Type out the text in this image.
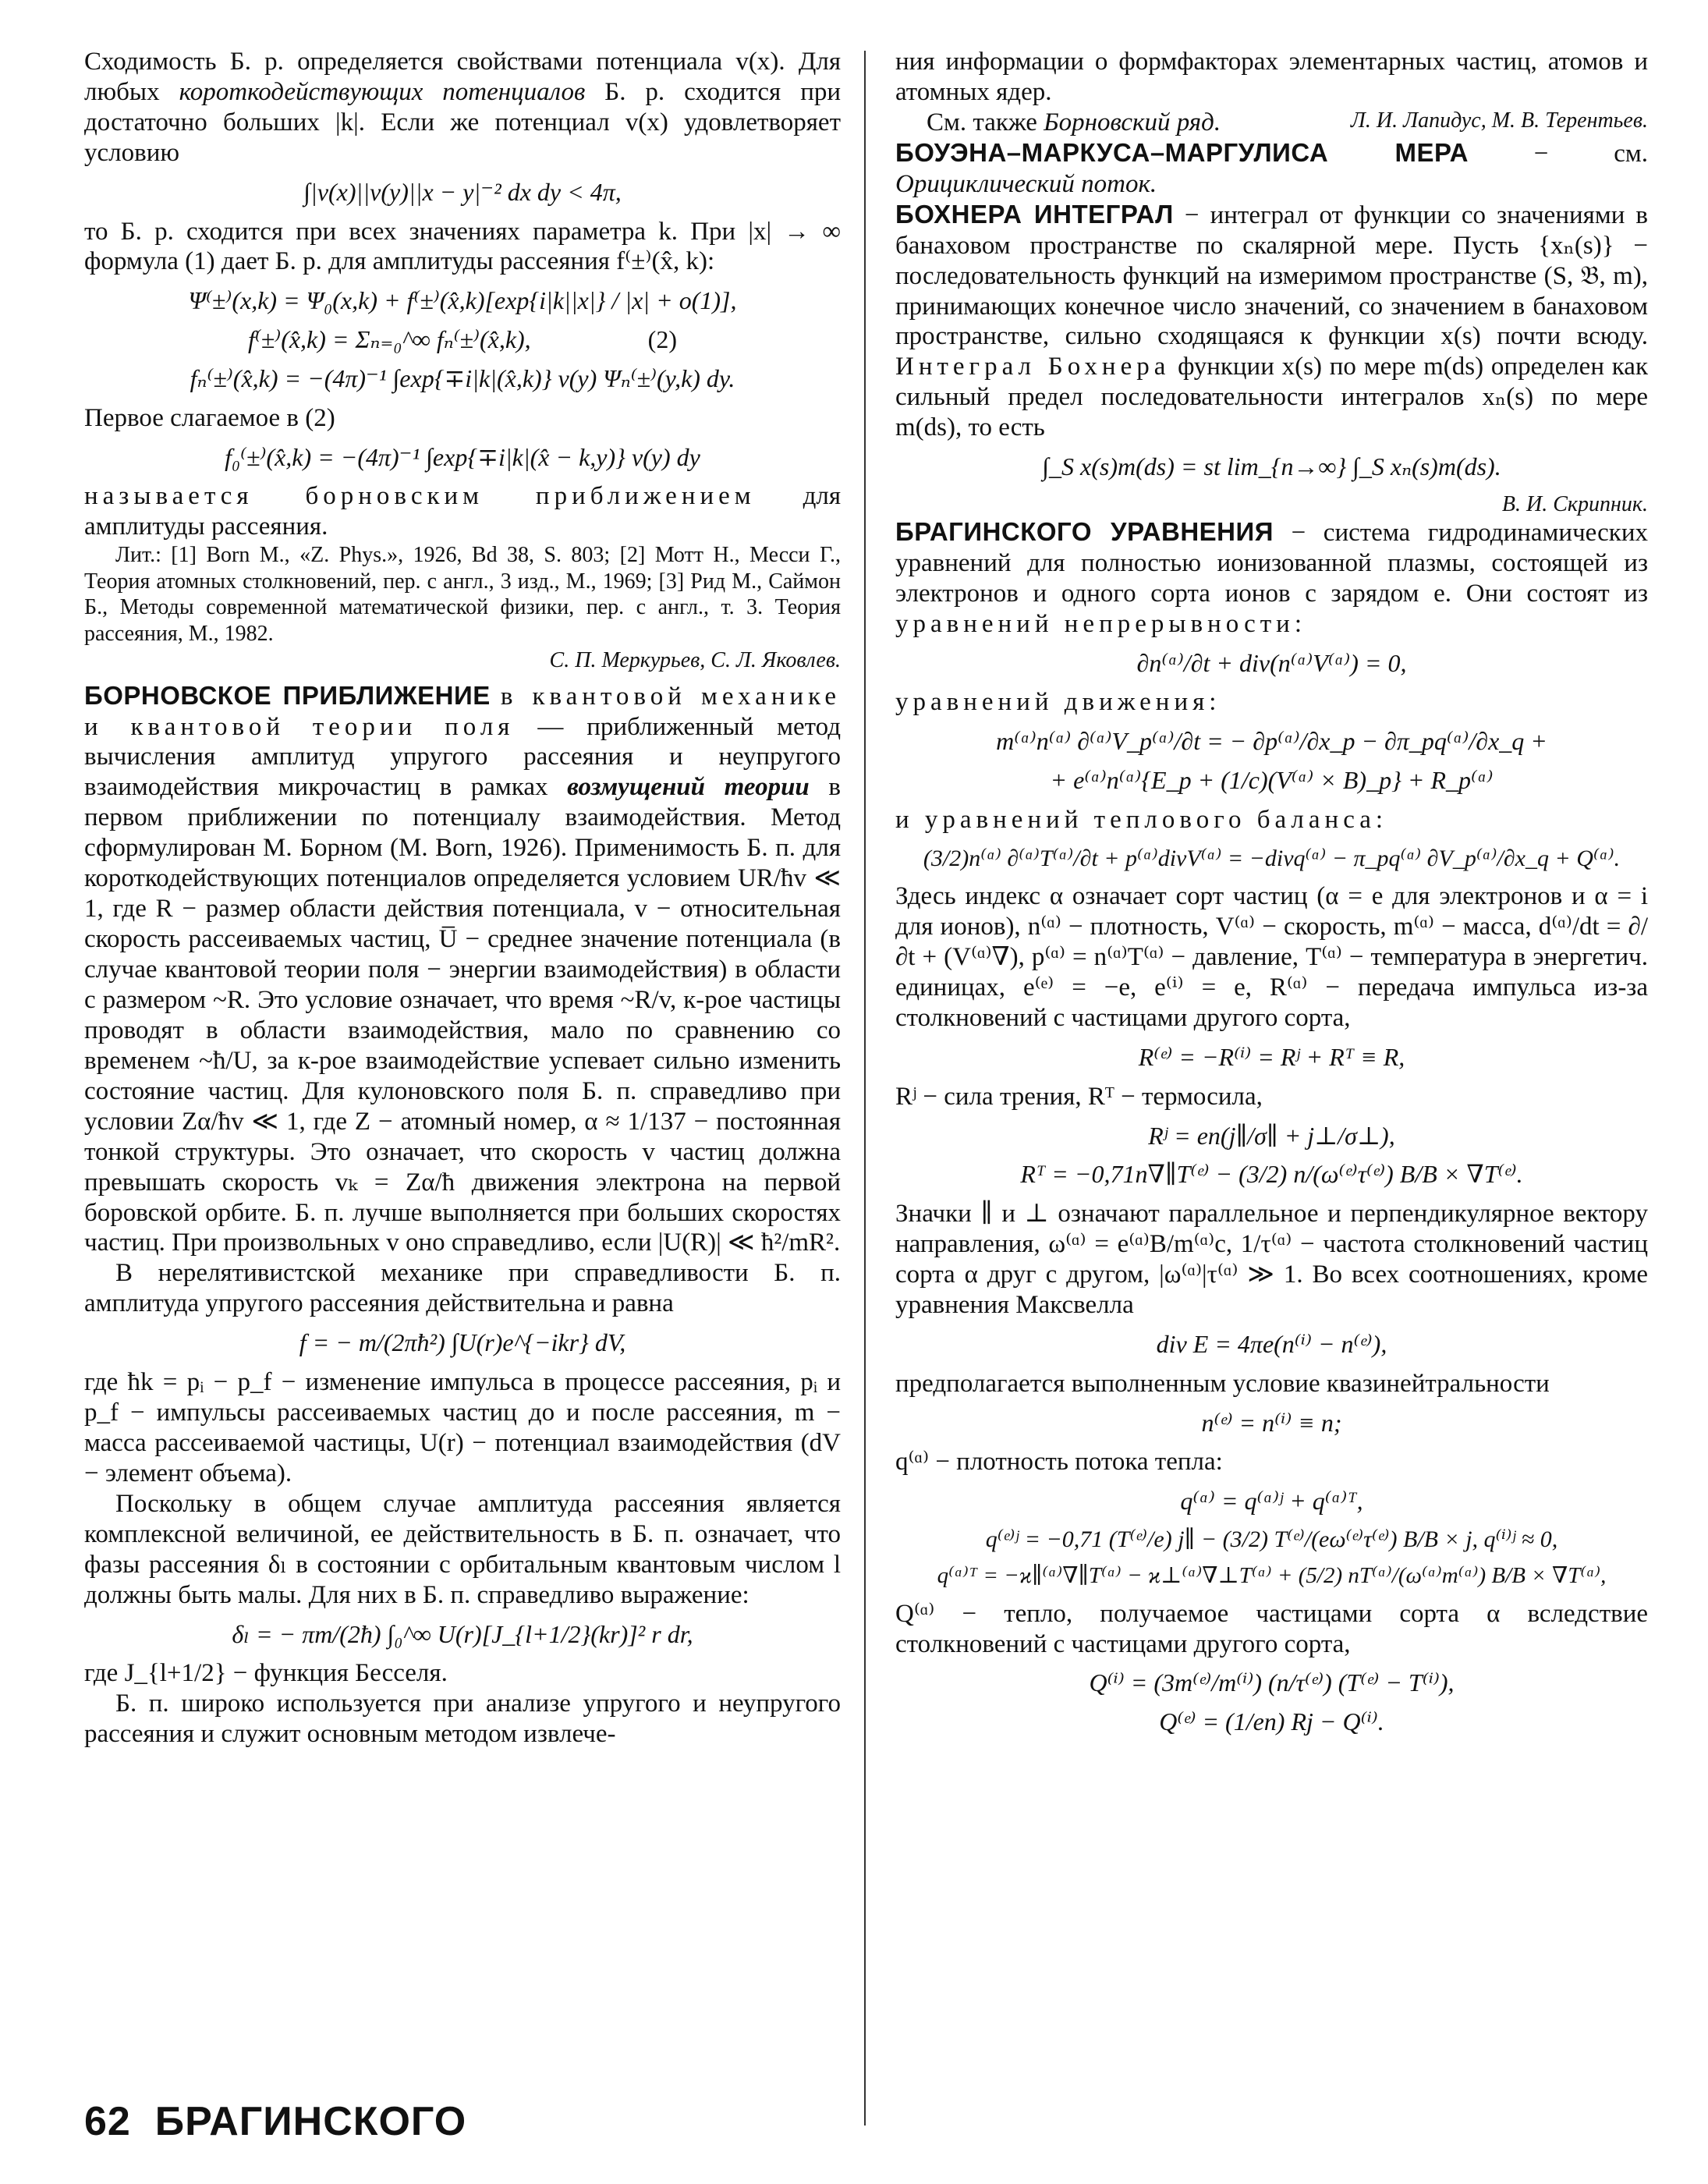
Сходимость Б. р. определяется свойствами потенциала v(x). Для любых короткодействующих потенциалов Б. р. сходится при достаточно больших |k|. Если же потенциал v(x) удовлетворяет условию

∫|v(x)||v(y)||x − y|⁻² dx dy < 4π,

то Б. р. сходится при всех значениях параметра k. При |x| → ∞ формула (1) дает Б. р. для амплитуды рассеяния f⁽±⁾(x̂, k):

Ψ⁽±⁾(x,k) = Ψ₀(x,k) + f⁽±⁾(x̂,k)[exp{i|k||x|} / |x| + o(1)],
f⁽±⁾(x̂,k) = Σₙ₌₀^∞ fₙ⁽±⁾(x̂,k),	(2)
fₙ⁽±⁾(x̂,k) = −(4π)⁻¹ ∫exp{∓i|k|(x̂,k)} v(y) Ψₙ⁽±⁾(y,k) dy.

Первое слагаемое в (2)

f₀⁽±⁾(x̂,k) = −(4π)⁻¹ ∫exp{∓i|k|(x̂ − k,y)} v(y) dy

называется борновским приближением для амплитуды рассеяния.

Лит.: [1] Born M., «Z. Phys.», 1926, Bd 38, S. 803; [2] Мотт Н., Месси Г., Теория атомных столкновений, пер. с англ., 3 изд., М., 1969; [3] Рид М., Саймон Б., Методы современной математической физики, пер. с англ., т. 3. Теория рассеяния, М., 1982.

С. П. Меркурьев, С. Л. Яковлев.

БОРНОВСКОЕ ПРИБЛИЖЕНИЕ в квантовой механике и квантовой теории поля — приближенный метод вычисления амплитуд упругого рассеяния и неупругого взаимодействия микрочастиц в рамках возмущений теории в первом приближении по потенциалу взаимодействия. Метод сформулирован М. Борном (M. Born, 1926). Применимость Б. п. для короткодействующих потенциалов определяется условием UR/ħv ≪ 1, где R − размер области действия потенциала, v − относительная скорость рассеиваемых частиц, U̅ − среднее значение потенциала (в случае квантовой теории поля − энергии взаимодействия) в области с размером ~R. Это условие означает, что время ~R/v, к-рое частицы проводят в области взаимодействия, мало по сравнению со временем ~ħ/U, за к-рое взаимодействие успевает сильно изменить состояние частиц. Для кулоновского поля Б. п. справедливо при условии Zα/ħv ≪ 1, где Z − атомный номер, α ≈ 1/137 − постоянная тонкой структуры. Это означает, что скорость v частиц должна превышать скорость vₖ = Zα/ħ движения электрона на первой боровской орбите. Б. п. лучше выполняется при больших скоростях частиц. При произвольных v оно справедливо, если |U(R)| ≪ ħ²/mR².

В нерелятивистской механике при справедливости Б. п. амплитуда упругого рассеяния действительна и равна

f = − m/(2πħ²) ∫U(r)e^{−ikr} dV,

где ħk = pᵢ − p_f − изменение импульса в процессе рассеяния, pᵢ и p_f − импульсы рассеиваемых частиц до и после рассеяния, m − масса рассеиваемой частицы, U(r) − потенциал взаимодействия (dV − элемент объема).

Поскольку в общем случае амплитуда рассеяния является комплексной величиной, ее действительность в Б. п. означает, что фазы рассеяния δₗ в состоянии с орбитальным квантовым числом l должны быть малы. Для них в Б. п. справедливо выражение:

δₗ = − πm/(2ħ) ∫₀^∞ U(r)[J_{l+1/2}(kr)]² r dr,

где J_{l+1/2} − функция Бесселя.

Б. п. широко используется при анализе упругого и неупругого рассеяния и служит основным методом извлече-

ния информации о формфакторах элементарных частиц, атомов и атомных ядер.

См. также Борновский ряд.	Л. И. Лапидус, М. В. Терентьев.

БОУЭНА–МАРКУСА–МАРГУЛИСА МЕРА	− см. Орициклический поток.

БОХНЕРА ИНТЕГРАЛ − интеграл от функции со значениями в банаховом пространстве по скалярной мере. Пусть {xₙ(s)} − последовательность функций на измеримом пространстве (S, 𝔅, m), принимающих конечное число значений, со значением в банаховом пространстве, сильно сходящаяся к функции x(s) почти всюду. Интеграл Бохнера функции x(s) по мере m(ds) определен как сильный предел последовательности интегралов xₙ(s) по мере m(ds), то есть

∫_S x(s)m(ds) = st lim_{n→∞} ∫_S xₙ(s)m(ds).

В. И. Скрипник.

БРАГИНСКОГО УРАВНЕНИЯ − система гидродинамических уравнений для полностью ионизованной плазмы, состоящей из электронов и одного сорта ионов с зарядом e. Они состоят из уравнений непрерывности:

∂n⁽ᵅ⁾/∂t + div(n⁽ᵅ⁾V⁽ᵅ⁾) = 0,

уравнений движения:

m⁽ᵅ⁾n⁽ᵅ⁾ ∂⁽ᵅ⁾V_p⁽ᵅ⁾/∂t = − ∂p⁽ᵅ⁾/∂x_p − ∂π_pq⁽ᵅ⁾/∂x_q +
+ e⁽ᵅ⁾n⁽ᵅ⁾{E_p + (1/c)(V⁽ᵅ⁾ × B)_p} + R_p⁽ᵅ⁾

и уравнений теплового баланса:

(3/2)n⁽ᵅ⁾ ∂⁽ᵅ⁾T⁽ᵅ⁾/∂t + p⁽ᵅ⁾divV⁽ᵅ⁾ = −divq⁽ᵅ⁾ − π_pq⁽ᵅ⁾ ∂V_p⁽ᵅ⁾/∂x_q + Q⁽ᵅ⁾.

Здесь индекс α означает сорт частиц (α = e для электронов и α = i для ионов), n⁽ᵅ⁾ − плотность, V⁽ᵅ⁾ − скорость, m⁽ᵅ⁾ − масса, d⁽ᵅ⁾/dt = ∂/∂t + (V⁽ᵅ⁾∇), p⁽ᵅ⁾ = n⁽ᵅ⁾T⁽ᵅ⁾ − давление, T⁽ᵅ⁾ − температура в энергетич. единицах, e⁽ᵉ⁾ = −e, e⁽ⁱ⁾ = e, R⁽ᵅ⁾ − передача импульса из-за столкновений с частицами другого сорта,

R⁽ᵉ⁾ = −R⁽ⁱ⁾ = Rʲ + Rᵀ ≡ R,

Rʲ − сила трения, Rᵀ − термосила,

Rʲ = en(j∥/σ∥ + j⊥/σ⊥),
Rᵀ = −0,71n∇∥T⁽ᵉ⁾ − (3/2) n/(ω⁽ᵉ⁾τ⁽ᵉ⁾) B/B × ∇T⁽ᵉ⁾.

Значки ∥ и ⊥ означают параллельное и перпендикулярное вектору направления, ω⁽ᵅ⁾ = e⁽ᵅ⁾B/m⁽ᵅ⁾c, 1/τ⁽ᵅ⁾ − частота столкновений частиц сорта α друг с другом, |ω⁽ᵅ⁾|τ⁽ᵅ⁾ ≫ 1. Во всех соотношениях, кроме уравнения Максвелла

div E = 4πe(n⁽ⁱ⁾ − n⁽ᵉ⁾),

предполагается выполненным условие квазинейтральности

n⁽ᵉ⁾ = n⁽ⁱ⁾ ≡ n;

q⁽ᵅ⁾ − плотность потока тепла:

q⁽ᵅ⁾ = q⁽ᵅ⁾ʲ + q⁽ᵅ⁾ᵀ,
q⁽ᵉ⁾ʲ = −0,71 (T⁽ᵉ⁾/e) j∥ − (3/2) T⁽ᵉ⁾/(eω⁽ᵉ⁾τ⁽ᵉ⁾) B/B × j, q⁽ⁱ⁾ʲ ≈ 0,
q⁽ᵅ⁾ᵀ = −ϰ∥⁽ᵅ⁾∇∥T⁽ᵅ⁾ − ϰ⊥⁽ᵅ⁾∇⊥T⁽ᵅ⁾ + (5/2) nT⁽ᵅ⁾/(ω⁽ᵅ⁾m⁽ᵅ⁾) B/B × ∇T⁽ᵅ⁾,

Q⁽ᵅ⁾ − тепло, получаемое частицами сорта α вследствие столкновений с частицами другого сорта,

Q⁽ⁱ⁾ = (3m⁽ᵉ⁾/m⁽ⁱ⁾) (n/τ⁽ᵉ⁾) (T⁽ᵉ⁾ − T⁽ⁱ⁾),
Q⁽ᵉ⁾ = (1/en) Rj − Q⁽ⁱ⁾.
62 БРАГИНСКОГО
